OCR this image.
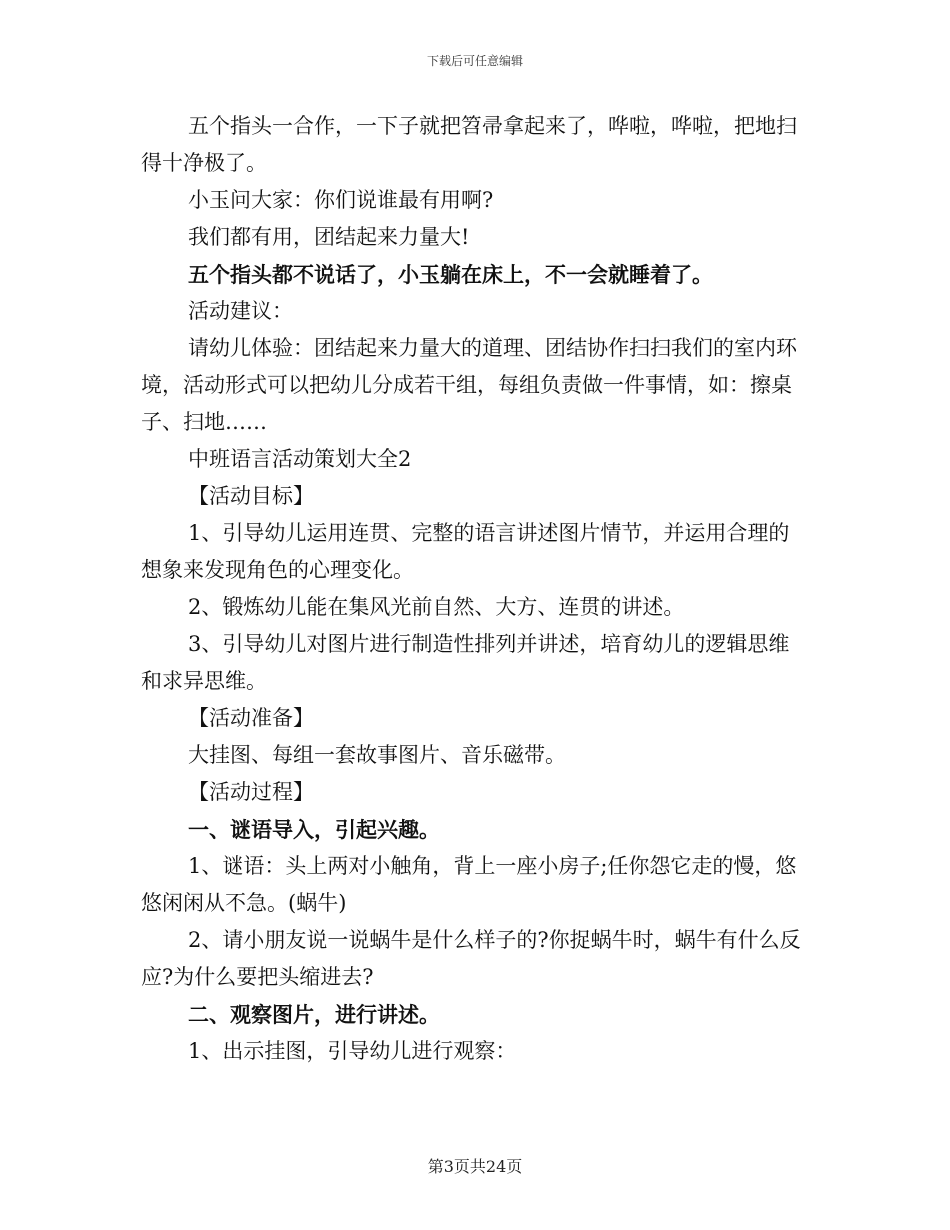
下载后可任意编辑

五个指头一合作，一下子就把笤帚拿起来了，哗啦，哗啦，把地扫得十净极了。

小玉问大家：你们说谁最有用啊?

我们都有用，团结起来力量大!

五个指头都不说话了，小玉躺在床上，不一会就睡着了。

活动建议：

请幼儿体验：团结起来力量大的道理、团结协作扫扫我们的室内环境，活动形式可以把幼儿分成若干组，每组负责做一件事情，如：擦桌子、扫地……

中班语言活动策划大全2

【活动目标】

1、引导幼儿运用连贯、完整的语言讲述图片情节，并运用合理的想象来发现角色的心理变化。

2、锻炼幼儿能在集风光前自然、大方、连贯的讲述。

3、引导幼儿对图片进行制造性排列并讲述，培育幼儿的逻辑思维和求异思维。

【活动准备】

大挂图、每组一套故事图片、音乐磁带。

【活动过程】

一、谜语导入，引起兴趣。

1、谜语：头上两对小触角，背上一座小房子;任你怨它走的慢，悠悠闲闲从不急。(蜗牛)

2、请小朋友说一说蜗牛是什么样子的?你捉蜗牛时，蜗牛有什么反应?为什么要把头缩进去?

二、观察图片，进行讲述。

1、出示挂图，引导幼儿进行观察：

第3页共24页
